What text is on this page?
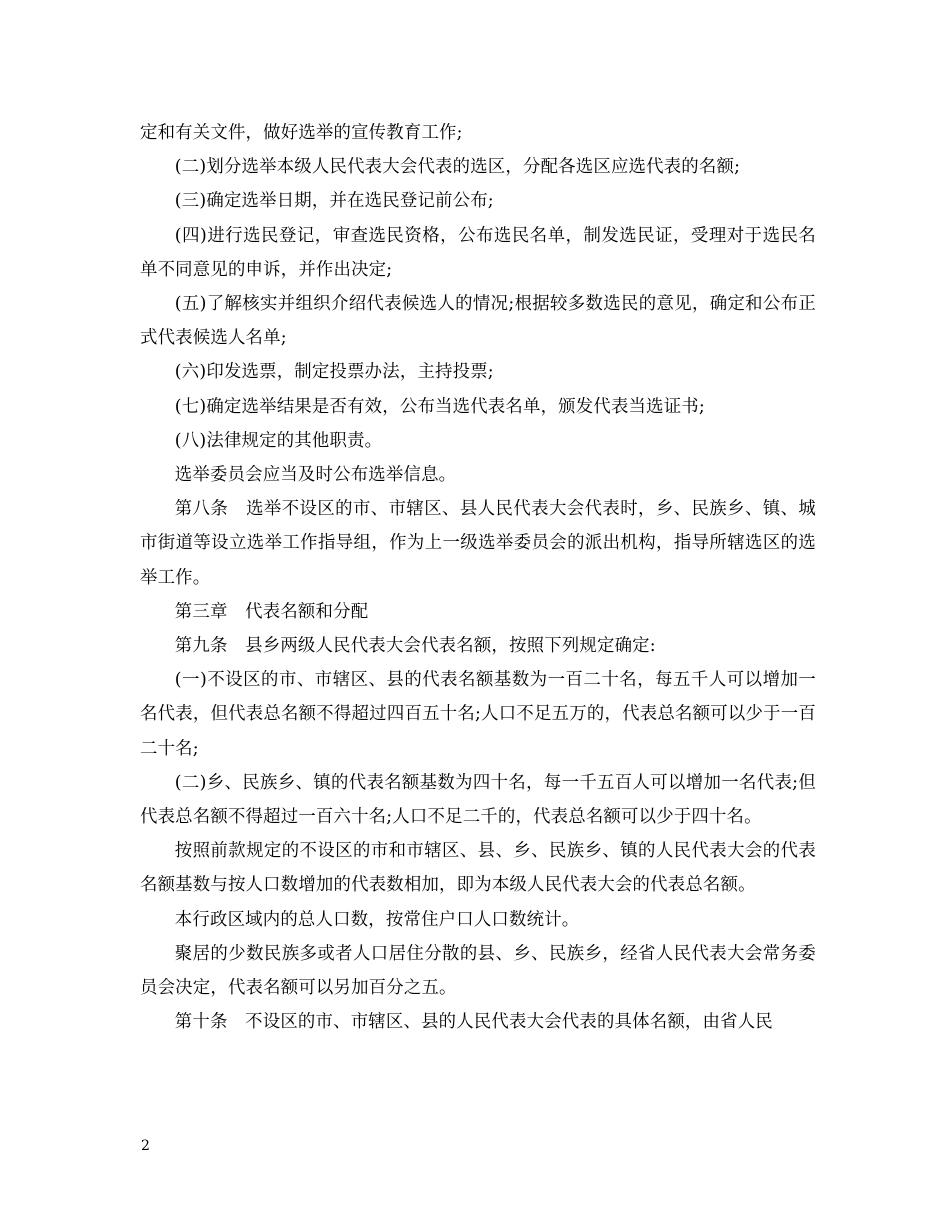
定和有关文件，做好选举的宣传教育工作;

(二)划分选举本级人民代表大会代表的选区，分配各选区应选代表的名额;

(三)确定选举日期，并在选民登记前公布;

(四)进行选民登记，审查选民资格，公布选民名单，制发选民证，受理对于选民名单不同意见的申诉，并作出决定;

(五)了解核实并组织介绍代表候选人的情况;根据较多数选民的意见，确定和公布正式代表候选人名单;

(六)印发选票，制定投票办法，主持投票;

(七)确定选举结果是否有效，公布当选代表名单，颁发代表当选证书;

(八)法律规定的其他职责。

选举委员会应当及时公布选举信息。

第八条　选举不设区的市、市辖区、县人民代表大会代表时，乡、民族乡、镇、城市街道等设立选举工作指导组，作为上一级选举委员会的派出机构，指导所辖选区的选举工作。

第三章　代表名额和分配

第九条　县乡两级人民代表大会代表名额，按照下列规定确定:

(一)不设区的市、市辖区、县的代表名额基数为一百二十名，每五千人可以增加一名代表，但代表总名额不得超过四百五十名;人口不足五万的，代表总名额可以少于一百二十名;

(二)乡、民族乡、镇的代表名额基数为四十名，每一千五百人可以增加一名代表;但代表总名额不得超过一百六十名;人口不足二千的，代表总名额可以少于四十名。

按照前款规定的不设区的市和市辖区、县、乡、民族乡、镇的人民代表大会的代表名额基数与按人口数增加的代表数相加，即为本级人民代表大会的代表总名额。

本行政区域内的总人口数，按常住户口人口数统计。

聚居的少数民族多或者人口居住分散的县、乡、民族乡，经省人民代表大会常务委员会决定，代表名额可以另加百分之五。

第十条　不设区的市、市辖区、县的人民代表大会代表的具体名额，由省人民

2
